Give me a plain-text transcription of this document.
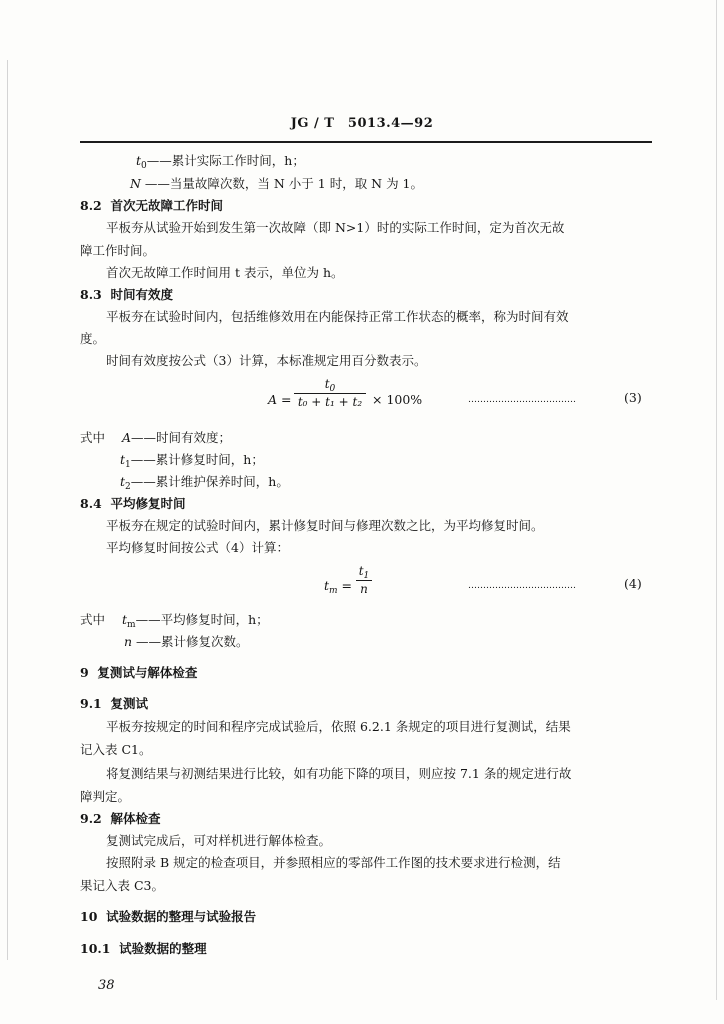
JG / T　5013.4—92
$t_0——$累计实际工作时间，h；
N ——当量故障次数，当 N 小于 1 时，取 N 为 1。
8.2 首次无故障工作时间
平板夯从试验开始到发生第一次故障（即 N>1）时的实际工作时间，定为首次无故
障工作时间。
首次无故障工作时间用 t 表示，单位为 h。
8.3 时间有效度
平板夯在试验时间内，包括维修效用在内能保持正常工作状态的概率，称为时间有效
度。
时间有效度按公式（3）计算，本标准规定用百分数表示。
A =
$t_0$
t₀ + t₁ + t₂ × 100%	………………………………	(3)
式中 A——时间有效度；
$t_1——$累计修复时间，h；
$t_2——$累计维护保养时间，h。
8.4 平均修复时间
平板夯在规定的试验时间内，累计修复时间与修理次数之比，为平均修复时间。
平均修复时间按公式（4）计算：
$t_m$ =
$t_1$
n	………………………………	(4)
式中 $t_m——$平均修复时间，h；
n ——累计修复次数。
9 复测试与解体检查
9.1 复测试
平板夯按规定的时间和程序完成试验后，依照 6.2.1 条规定的项目进行复测试，结果
记入表 C1。
将复测结果与初测结果进行比较，如有功能下降的项目，则应按 7.1 条的规定进行故
障判定。
9.2 解体检查
复测试完成后，可对样机进行解体检查。
按照附录 B 规定的检查项目，并参照相应的零部件工作图的技术要求进行检测，结
果记入表 C3。
10 试验数据的整理与试验报告
10.1 试验数据的整理
38
